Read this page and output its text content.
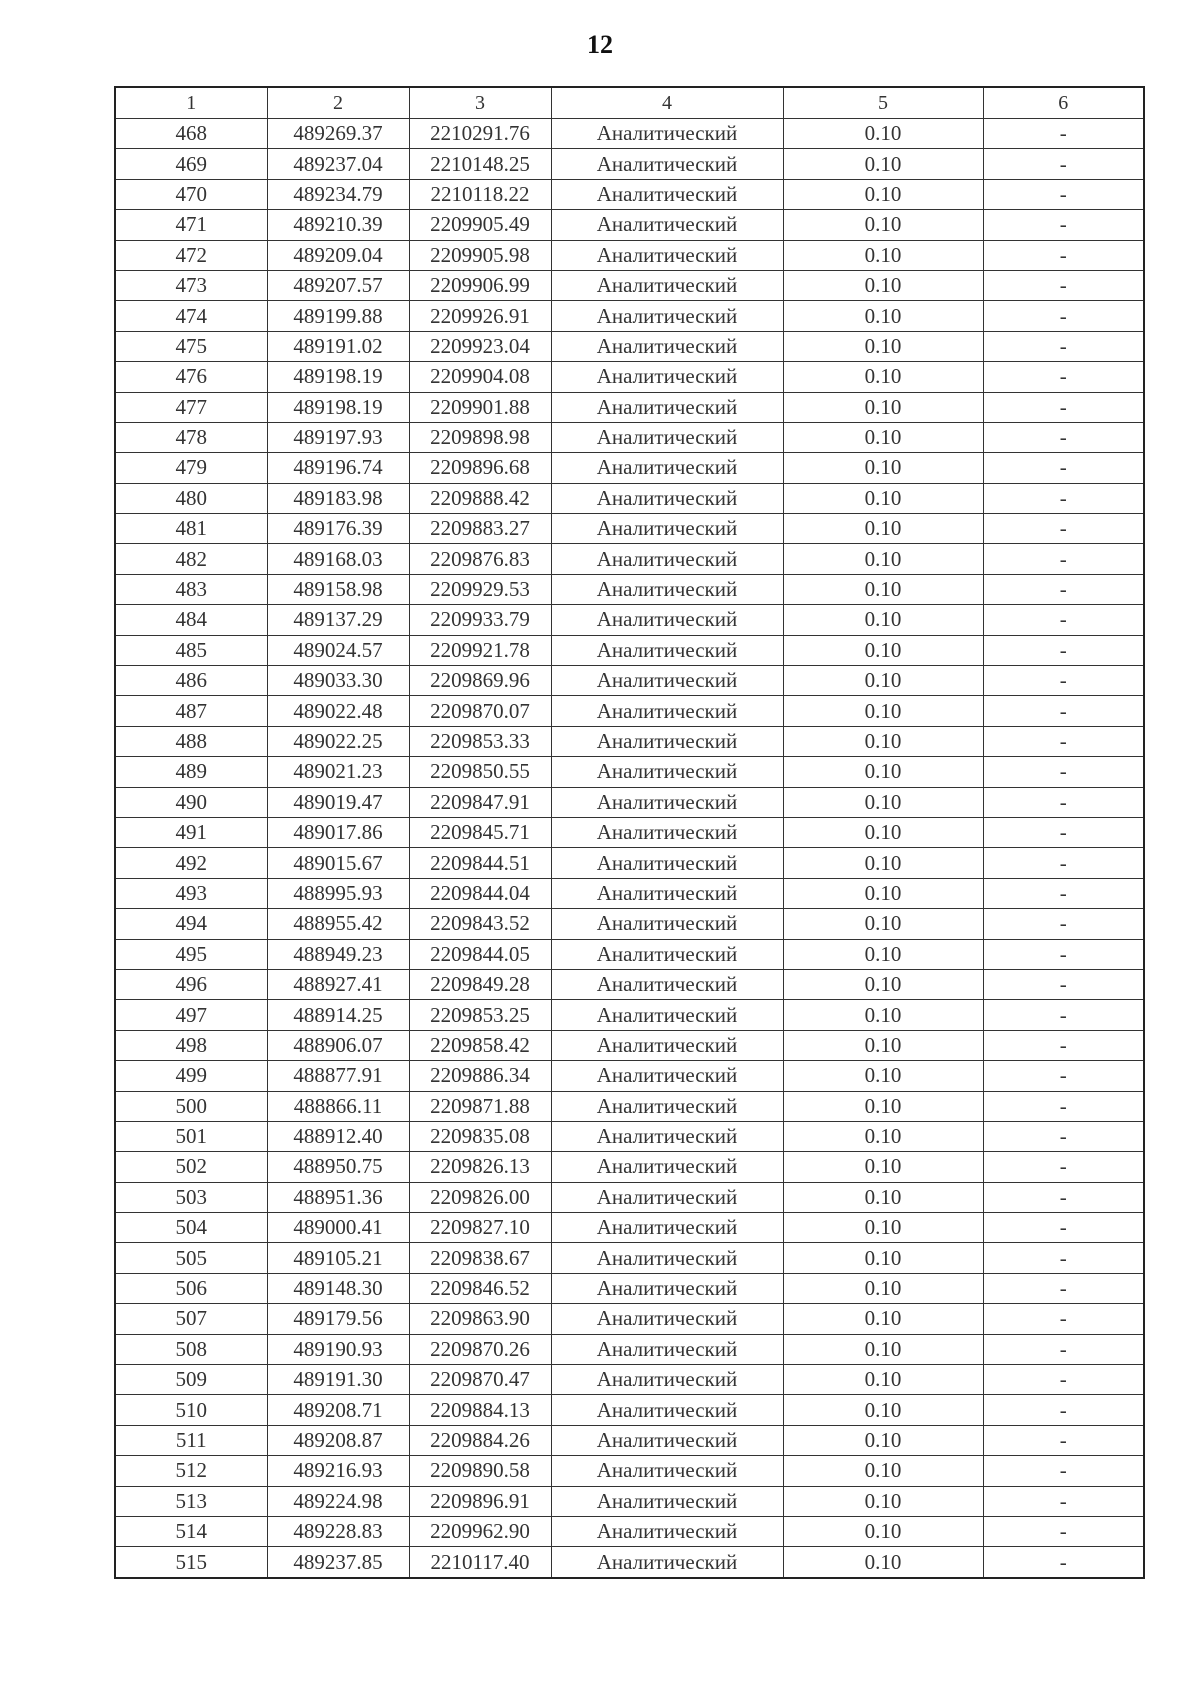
12
1	2	3	4	5	6
468	489269.37	2210291.76	Аналитический	0.10	-
469	489237.04	2210148.25	Аналитический	0.10	-
470	489234.79	2210118.22	Аналитический	0.10	-
471	489210.39	2209905.49	Аналитический	0.10	-
472	489209.04	2209905.98	Аналитический	0.10	-
473	489207.57	2209906.99	Аналитический	0.10	-
474	489199.88	2209926.91	Аналитический	0.10	-
475	489191.02	2209923.04	Аналитический	0.10	-
476	489198.19	2209904.08	Аналитический	0.10	-
477	489198.19	2209901.88	Аналитический	0.10	-
478	489197.93	2209898.98	Аналитический	0.10	-
479	489196.74	2209896.68	Аналитический	0.10	-
480	489183.98	2209888.42	Аналитический	0.10	-
481	489176.39	2209883.27	Аналитический	0.10	-
482	489168.03	2209876.83	Аналитический	0.10	-
483	489158.98	2209929.53	Аналитический	0.10	-
484	489137.29	2209933.79	Аналитический	0.10	-
485	489024.57	2209921.78	Аналитический	0.10	-
486	489033.30	2209869.96	Аналитический	0.10	-
487	489022.48	2209870.07	Аналитический	0.10	-
488	489022.25	2209853.33	Аналитический	0.10	-
489	489021.23	2209850.55	Аналитический	0.10	-
490	489019.47	2209847.91	Аналитический	0.10	-
491	489017.86	2209845.71	Аналитический	0.10	-
492	489015.67	2209844.51	Аналитический	0.10	-
493	488995.93	2209844.04	Аналитический	0.10	-
494	488955.42	2209843.52	Аналитический	0.10	-
495	488949.23	2209844.05	Аналитический	0.10	-
496	488927.41	2209849.28	Аналитический	0.10	-
497	488914.25	2209853.25	Аналитический	0.10	-
498	488906.07	2209858.42	Аналитический	0.10	-
499	488877.91	2209886.34	Аналитический	0.10	-
500	488866.11	2209871.88	Аналитический	0.10	-
501	488912.40	2209835.08	Аналитический	0.10	-
502	488950.75	2209826.13	Аналитический	0.10	-
503	488951.36	2209826.00	Аналитический	0.10	-
504	489000.41	2209827.10	Аналитический	0.10	-
505	489105.21	2209838.67	Аналитический	0.10	-
506	489148.30	2209846.52	Аналитический	0.10	-
507	489179.56	2209863.90	Аналитический	0.10	-
508	489190.93	2209870.26	Аналитический	0.10	-
509	489191.30	2209870.47	Аналитический	0.10	-
510	489208.71	2209884.13	Аналитический	0.10	-
511	489208.87	2209884.26	Аналитический	0.10	-
512	489216.93	2209890.58	Аналитический	0.10	-
513	489224.98	2209896.91	Аналитический	0.10	-
514	489228.83	2209962.90	Аналитический	0.10	-
515	489237.85	2210117.40	Аналитический	0.10	-
